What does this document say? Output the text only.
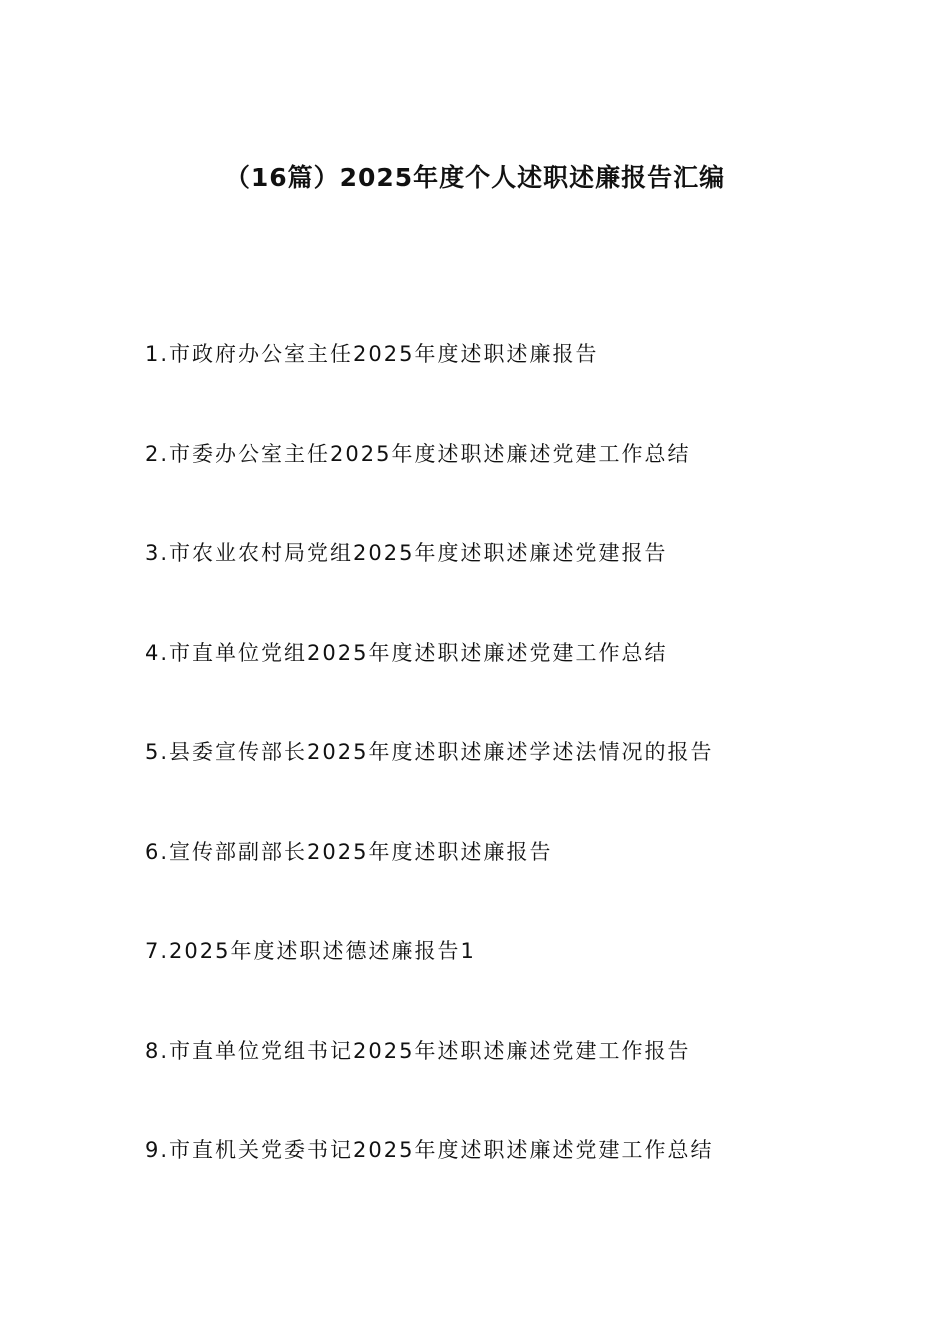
（16篇）2025年度个人述职述廉报告汇编
1.市政府办公室主任2025年度述职述廉报告
2.市委办公室主任2025年度述职述廉述党建工作总结
3.市农业农村局党组2025年度述职述廉述党建报告
4.市直单位党组2025年度述职述廉述党建工作总结
5.县委宣传部长2025年度述职述廉述学述法情况的报告
6.宣传部副部长2025年度述职述廉报告
7.2025年度述职述德述廉报告1
8.市直单位党组书记2025年述职述廉述党建工作报告
9.市直机关党委书记2025年度述职述廉述党建工作总结
